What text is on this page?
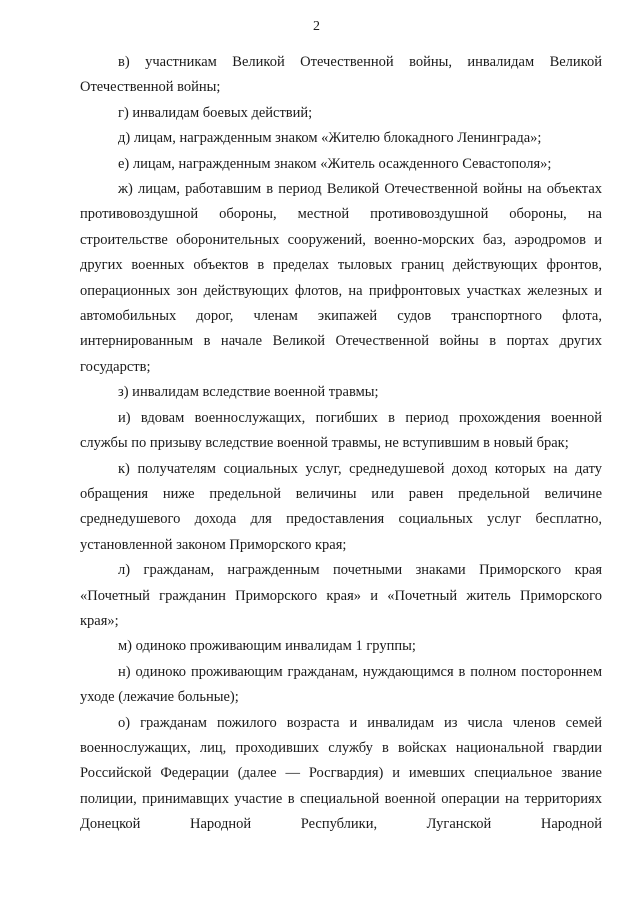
2

в) участникам Великой Отечественной войны, инвалидам Великой Отечественной войны;

г) инвалидам боевых действий;

д) лицам, награжденным знаком «Жителю блокадного Ленинграда»;

е) лицам, награжденным знаком «Житель осажденного Севастополя»;

ж) лицам, работавшим в период Великой Отечественной войны на объектах противовоздушной обороны, местной противовоздушной обороны, на строительстве оборонительных сооружений, военно-морских баз, аэродромов и других военных объектов в пределах тыловых границ действующих фронтов, операционных зон действующих флотов, на прифронтовых участках железных и автомобильных дорог, членам экипажей судов транспортного флота, интернированным в начале Великой Отечественной войны в портах других государств;

з) инвалидам вследствие военной травмы;

и) вдовам военнослужащих, погибших в период прохождения военной службы по призыву вследствие военной травмы, не вступившим в новый брак;

к) получателям социальных услуг, среднедушевой доход которых на дату обращения ниже предельной величины или равен предельной величине среднедушевого дохода для предоставления социальных услуг бесплатно, установленной законом Приморского края;

л) гражданам, награжденным почетными знаками Приморского края «Почетный гражданин Приморского края» и «Почетный житель Приморского края»;

м) одиноко проживающим инвалидам 1 группы;

н) одиноко проживающим гражданам, нуждающимся в полном постороннем уходе (лежачие больные);

о) гражданам пожилого возраста и инвалидам из числа членов семей военнослужащих, лиц, проходивших службу в войсках национальной гвардии Российской Федерации (далее — Росгвардия) и имевших специальное звание полиции, принимавщих участие в специальной военной операции на территориях Донецкой Народной Республики, Луганской Народной
